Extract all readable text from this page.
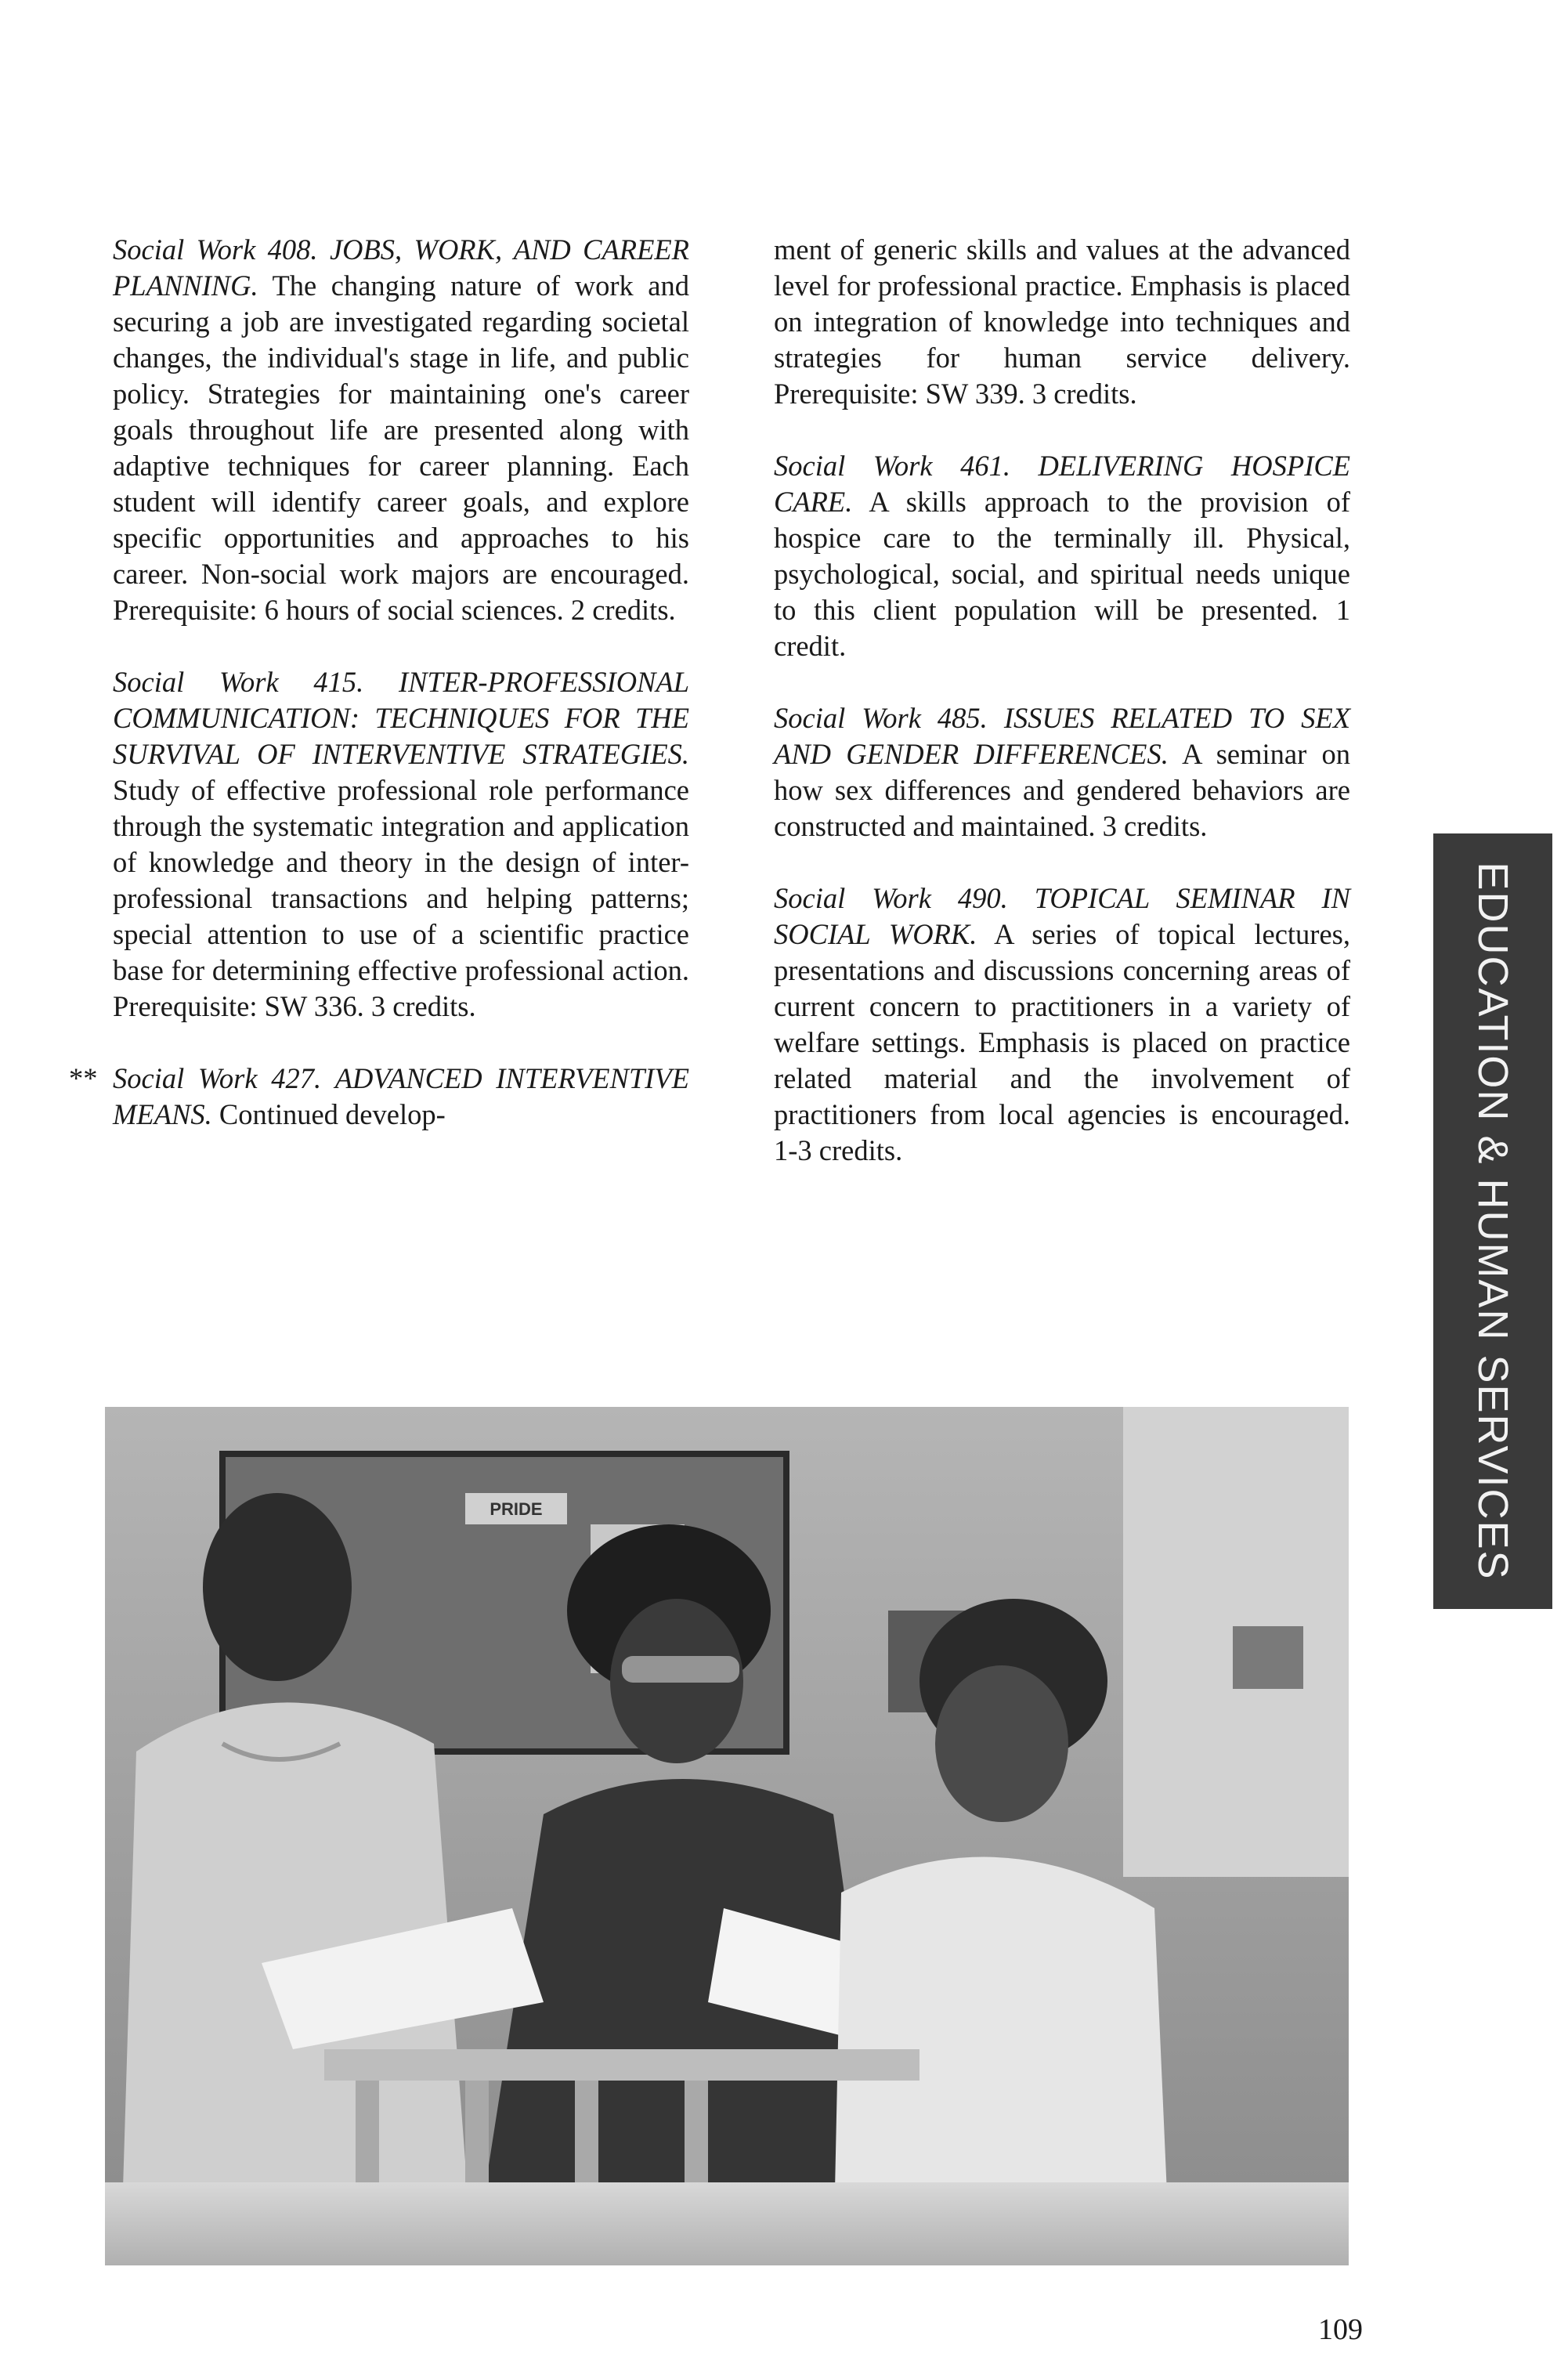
Social Work 408. JOBS, WORK, AND CAREER PLANNING. The changing nature of work and securing a job are investigated regarding societal changes, the individual's stage in life, and public policy. Strategies for maintaining one's career goals throughout life are presented along with adaptive techniques for career planning. Each student will identify career goals, and explore specific opportunities and approaches to his career. Non-social work majors are encouraged. Prerequisite: 6 hours of social sciences. 2 credits.

Social Work 415. INTER-PROFESSIONAL COMMUNICATION: TECHNIQUES FOR THE SURVIVAL OF INTERVENTIVE STRATEGIES. Study of effective professional role performance through the systematic integration and application of knowledge and theory in the design of inter-professional transactions and helping patterns; special attention to use of a scientific practice base for determining effective professional action. Prerequisite: SW 336. 3 credits.

** Social Work 427. ADVANCED INTERVENTIVE MEANS. Continued develop-

ment of generic skills and values at the advanced level for professional practice. Emphasis is placed on integration of knowledge into techniques and strategies for human service delivery. Prerequisite: SW 339. 3 credits.

Social Work 461. DELIVERING HOSPICE CARE. A skills approach to the provision of hospice care to the terminally ill. Physical, psychological, social, and spiritual needs unique to this client population will be presented. 1 credit.

Social Work 485. ISSUES RELATED TO SEX AND GENDER DIFFERENCES. A seminar on how sex differences and gendered behaviors are constructed and maintained. 3 credits.

Social Work 490. TOPICAL SEMINAR IN SOCIAL WORK. A series of topical lectures, presentations and discussions concerning areas of current concern to practitioners in a variety of welfare settings. Emphasis is placed on practice related material and the involvement of practitioners from local agencies is encouraged. 1-3 credits.	EDUCATION & HUMAN SERVICES
PRIDE
109
